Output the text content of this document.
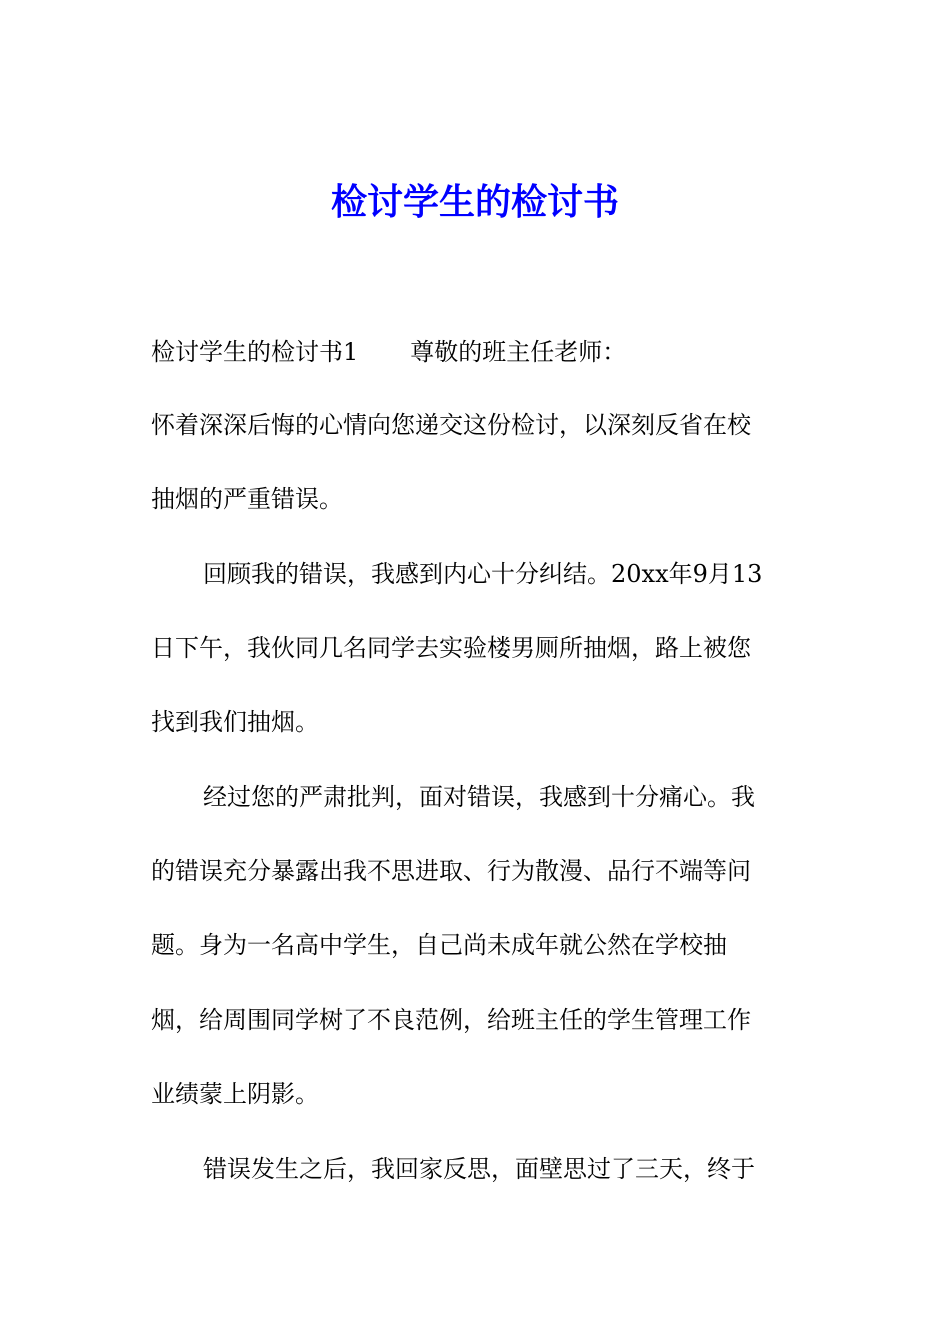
检讨学生的检讨书

检讨学生的检讨书1 尊敬的班主任老师：

怀着深深后悔的心情向您递交这份检讨，以深刻反省在校

抽烟的严重错误。

回顾我的错误，我感到内心十分纠结。20xx年9月13

日下午，我伙同几名同学去实验楼男厕所抽烟，路上被您

找到我们抽烟。

经过您的严肃批判，面对错误，我感到十分痛心。我

的错误充分暴露出我不思进取、行为散漫、品行不端等问

题。身为一名高中学生，自己尚未成年就公然在学校抽

烟，给周围同学树了不良范例，给班主任的学生管理工作

业绩蒙上阴影。

错误发生之后，我回家反思，面壁思过了三天，终于
